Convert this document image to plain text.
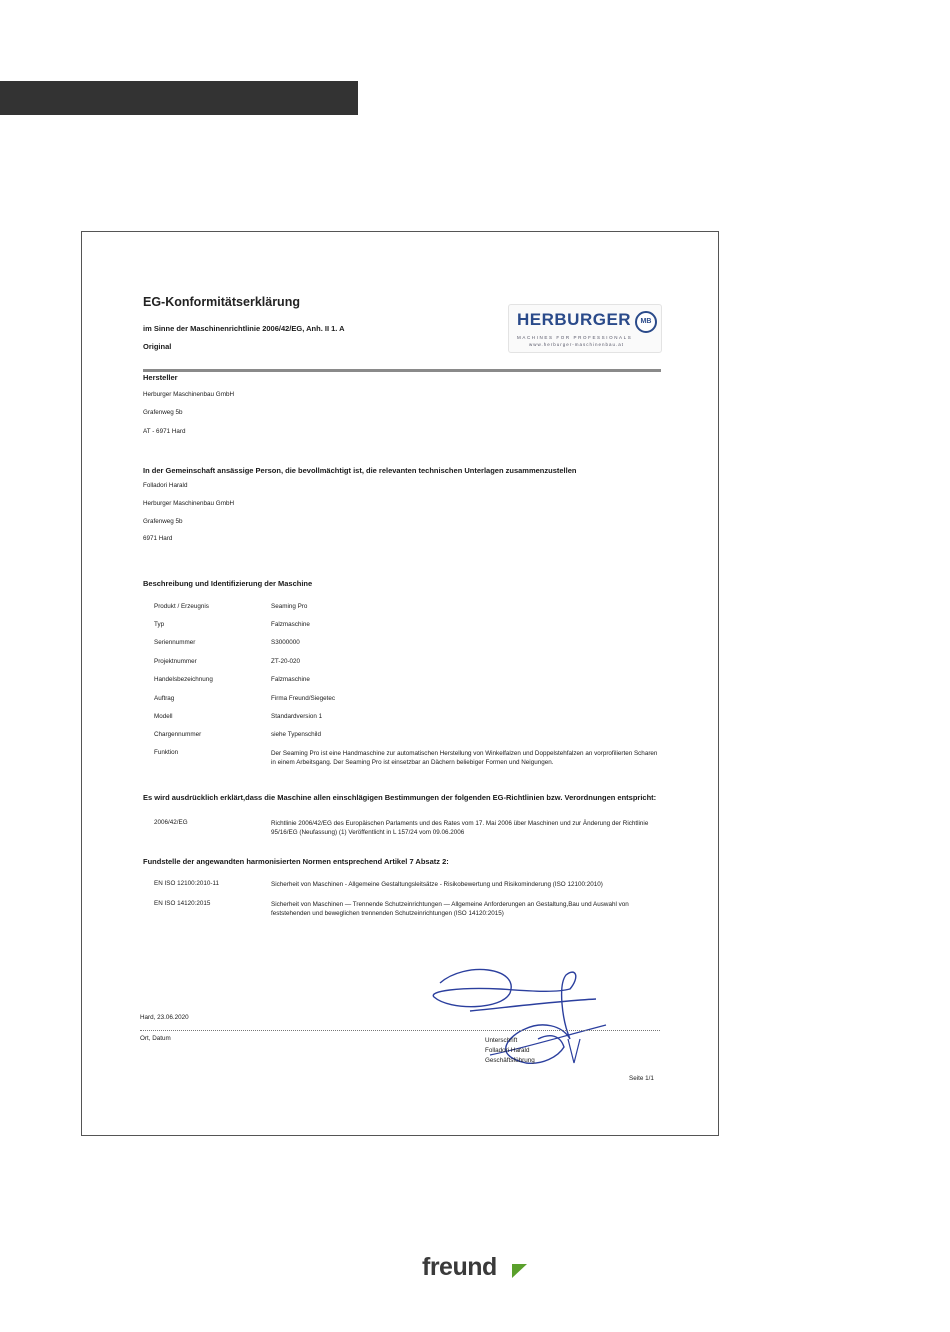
EG-Konformitätserklärung
im Sinne der Maschinenrichtlinie 2006/42/EG, Anh. II 1. A
Original
HERBURGER	MB
MACHINES FOR PROFESSIONALS
www.herburger-maschinenbau.at
Hersteller
Herburger Maschinenbau GmbH
Grafenweg 5b
AT - 6971 Hard
In der Gemeinschaft ansässige Person, die bevollmächtigt ist, die relevanten technischen Unterlagen zusammenzustellen
Folladori Harald
Herburger Maschinenbau GmbH
Grafenweg 5b
6971 Hard
Beschreibung und Identifizierung der Maschine
Produkt / Erzeugnis	Seaming Pro
Typ	Falzmaschine
Seriennummer	S3000000
Projektnummer	ZT-20-020
Handelsbezeichnung	Falzmaschine
Auftrag	Firma Freund/Siegetec
Modell	Standardversion 1
Chargennummer	siehe Typenschild
Funktion	Der Seaming Pro ist eine Handmaschine zur automatischen Herstellung von Winkelfalzen und Doppelstehfalzen an vorprofilierten Scharen in einem Arbeitsgang. Der Seaming Pro ist einsetzbar an Dächern beliebiger Formen und Neigungen.
Es wird ausdrücklich erklärt,dass die Maschine allen einschlägigen Bestimmungen der folgenden EG-Richtlinien bzw. Verordnungen entspricht:
2006/42/EG	Richtlinie 2006/42/EG des Europäischen Parlaments und des Rates vom 17. Mai 2006 über Maschinen und zur Änderung der Richtlinie 95/16/EG (Neufassung) (1) Veröffentlicht in L 157/24 vom 09.06.2006
Fundstelle der angewandten harmonisierten Normen entsprechend Artikel 7 Absatz 2:
EN ISO 12100:2010-11	Sicherheit von Maschinen - Allgemeine Gestaltungsleitsätze - Risikobewertung und Risikominderung (ISO 12100:2010)
EN ISO 14120:2015	Sicherheit von Maschinen — Trennende Schutzeinrichtungen — Allgemeine Anforderungen an Gestaltung,Bau und Auswahl von feststehenden und beweglichen trennenden Schutzeinrichtungen (ISO 14120:2015)
Hard, 23.06.2020
Ort, Datum	Unterschrift
Folladori Harald
Geschäftsführung
Seite 1/1
freund
